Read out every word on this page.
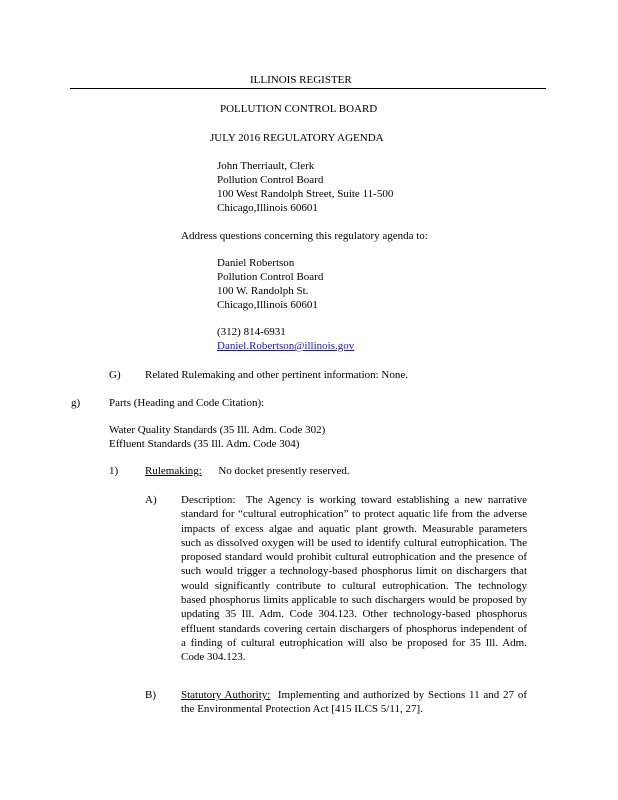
ILLINOIS REGISTER
POLLUTION CONTROL BOARD
JULY 2016 REGULATORY AGENDA
John Therriault, Clerk
Pollution Control Board
100 West Randolph Street, Suite 11-500
Chicago,Illinois 60601
Address questions concerning this regulatory agenda to:
Daniel Robertson
Pollution Control Board
100 W. Randolph St.
Chicago,Illinois 60601
(312) 814-6931
Daniel.Robertson@illinois.gov
G) Related Rulemaking and other pertinent information: None.
g)	Parts (Heading and Code Citation):
Water Quality Standards (35 Ill. Adm. Code 302)
Effluent Standards (35 Ill. Adm. Code 304)
1) Rulemaking: No docket presently reserved.
A) Description: The Agency is working toward establishing a new narrative standard for “cultural eutrophication” to protect aquatic life from the adverse impacts of excess algae and aquatic plant growth. Measurable parameters such as dissolved oxygen will be used to identify cultural eutrophication. The proposed standard would prohibit cultural eutrophication and the presence of such would trigger a technology-based phosphorus limit on dischargers that would significantly contribute to cultural eutrophication. The technology based phosphorus limits applicable to such dischargers would be proposed by updating 35 Ill. Adm. Code 304.123. Other technology-based phosphorus effluent standards covering certain dischargers of phosphorus independent of a finding of cultural eutrophication will also be proposed for 35 Ill. Adm. Code 304.123.
B) Statutory Authority: Implementing and authorized by Sections 11 and 27 of the Environmental Protection Act [415 ILCS 5/11, 27].
